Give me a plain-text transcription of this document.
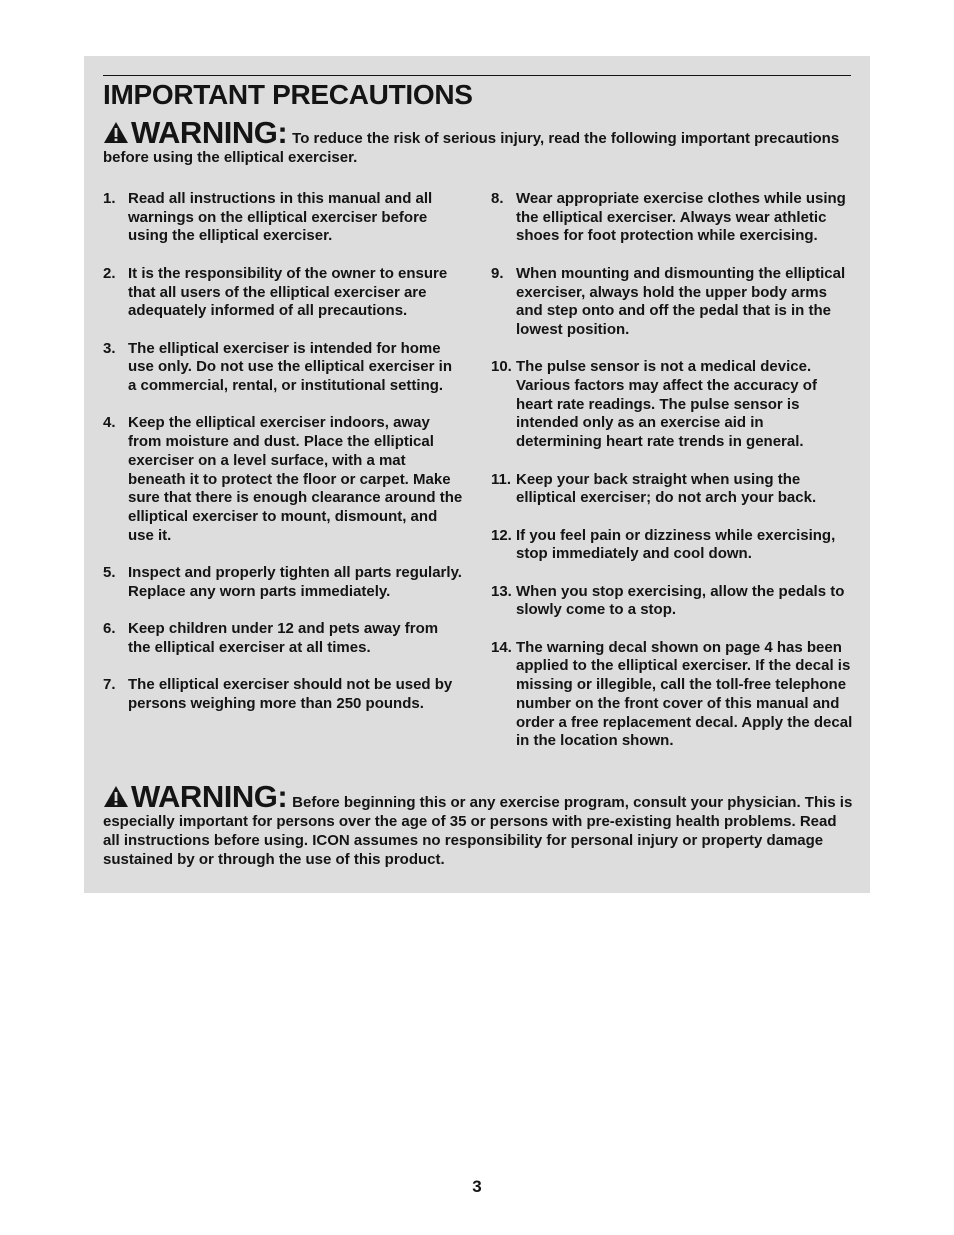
IMPORTANT PRECAUTIONS
WARNING: To reduce the risk of serious injury, read the following important precautions before using the elliptical exerciser.
1. Read all instructions in this manual and all warnings on the elliptical exerciser before using the elliptical exerciser.
2. It is the responsibility of the owner to ensure that all users of the elliptical exerciser are adequately informed of all precautions.
3. The elliptical exerciser is intended for home use only. Do not use the elliptical exerciser in a commercial, rental, or institutional setting.
4. Keep the elliptical exerciser indoors, away from moisture and dust. Place the elliptical exerciser on a level surface, with a mat beneath it to protect the floor or carpet. Make sure that there is enough clearance around the elliptical exerciser to mount, dismount, and use it.
5. Inspect and properly tighten all parts regularly. Replace any worn parts immediately.
6. Keep children under 12 and pets away from the elliptical exerciser at all times.
7. The elliptical exerciser should not be used by persons weighing more than 250 pounds.
8. Wear appropriate exercise clothes while using the elliptical exerciser. Always wear athletic shoes for foot protection while exercising.
9. When mounting and dismounting the elliptical exerciser, always hold the upper body arms and step onto and off the pedal that is in the lowest position.
10. The pulse sensor is not a medical device. Various factors may affect the accuracy of heart rate readings. The pulse sensor is intended only as an exercise aid in determining heart rate trends in general.
11. Keep your back straight when using the elliptical exerciser; do not arch your back.
12. If you feel pain or dizziness while exercising, stop immediately and cool down.
13. When you stop exercising, allow the pedals to slowly come to a stop.
14. The warning decal shown on page 4 has been applied to the elliptical exerciser. If the decal is missing or illegible, call the toll-free telephone number on the front cover of this manual and order a free replacement decal. Apply the decal in the location shown.
WARNING: Before beginning this or any exercise program, consult your physician. This is especially important for persons over the age of 35 or persons with pre-existing health problems. Read all instructions before using. ICON assumes no responsibility for personal injury or property damage sustained by or through the use of this product.
3
